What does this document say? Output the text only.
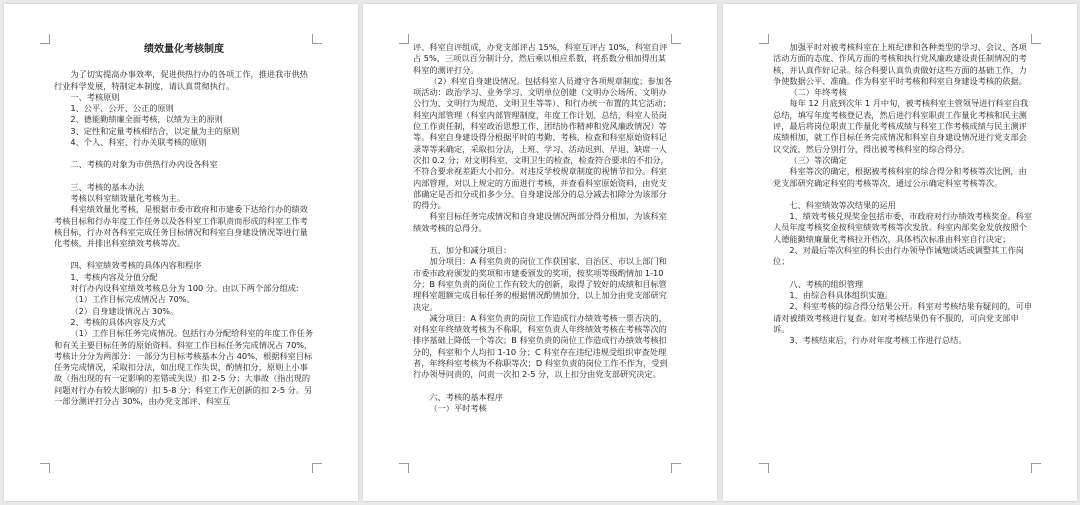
绩效量化考核制度

为了切实提高办事效率，促进供热行办的各项工作，推进我市供热行业科学发展，特制定本制度，请认真贯彻执行。

一、考核原则

1、公平、公开、公正的原则

2、德能勤绩廉全面考核，以绩为主的原则

3、定性和定量考核相结合，以定量为主的原则

4、个人、科室、行办关联考核的原则

二、考核的对象为市供热行办内设各科室

三、考核的基本办法

考核以科室绩效量化考核为主。

科室绩效量化考核，是根据市委市政府和市建委下达给行办的绩效考核目标和行办年度工作任务以及各科室工作职责而形成的科室工作考核目标，行办对各科室完成任务目标情况和科室自身建设情况等进行量化考核，并排出科室绩效考核等次。

四、科室绩效考核的具体内容和程序

1、考核内容及分值分配

对行办内设科室绩效考核总分为 100 分。由以下两个部分组成:

（1）工作目标完成情况占 70%。

（2）自身建设情况占 30%。

2、考核的具体内容及方式

（1）工作目标任务完成情况。包括行办分配给科室的年度工作任务和有关主要目标任务的原始资料。科室工作目标任务完成情况占 70%，考核计分分为两部分：一部分为目标考核基本分占 40%，根据科室目标任务完成情况，采取扣分法，如出现工作失误，酌情扣分，原则上小事故（指出现的有一定影响的差错或失误）扣 2-5 分；大事故（指出现的问题对行办有较大影响的）扣 5-8 分；科室工作无创新的扣 2-5 分。另一部分测评打分占 30%，由办党支部评、科室互

评、科室自评组成，办党支部评占 15%，科室互评占 10%，科室自评占 5%，三项以百分制计分，然后乘以相应系数，将系数分相加得出某科室的测评打分。

（2）科室自身建设情况。包括科室人员遵守各项规章制度；参加各项活动：政治学习、业务学习、文明单位创建（文明办公场所、文明办公行为、文明行为规范、文明卫生等等）、和行办统一布置的其它活动；科室内部管理（科室内部管理制度，年度工作计划、总结，科室人员岗位工作责任制，科室政治思想工作，团结协作精神和党风廉政情况）等等。科室自身建设得分根据平时的考勤、考核、检查和科室原始资料记录等等来确定，采取扣分法，上班、学习、活动迟到、早退、缺席一人次扣 0.2 分；对文明科室、文明卫生的检查，检查符合要求的不扣分，不符合要求视差距大小扣分。对违反学校规章制度的视情节扣分。科室内部管理，对以上规定的方面进行考核，并查看科室原始资料，由党支部确定是否扣分或扣多少分。自身建设部分的总分减去扣除分为该部分的得分。

科室目标任务完成情况和自身建设情况两部分得分相加，为该科室绩效考核的总得分。

五、加分和减分项目：

加分项目：A 科室负责的岗位工作获国家、自治区、市以上部门和市委市政府颁发的奖项和市建委颁发的奖项，按奖项等级酌情加 1-10 分；B 科室负责的岗位工作有较大的创新，取得了较好的成绩和目标管理科室超额完成目标任务的根据情况酌情加分，以上加分由党支部研究决定。

减分项目：A 科室负责的岗位工作造成行办绩效考核一票否决的，对科室年终绩效考核为不称职，科室负责人年终绩效考核在考核等次的排序基础上降低一个等次；B 科室负责的岗位工作造成行办绩效考核扣分的，科室和个人均扣 1-10 分；C 科室存在违纪违规受组织审查处理者，年终科室考核为不称职等次；D 科室负责的岗位工作不作为，受到行办领导问责的，问责一次扣 2-5 分，以上扣分由党支部研究决定。

六、考核的基本程序

（一）平时考核

加强平时对被考核科室在上班纪律和各种类型的学习、会议、各项活动方面的态度、作风方面的考核和执行党风廉政建设责任制情况的考核，并认真作好记录。综合科要认真负责做好这些方面的基础工作，力争使数据公平、准确。作为科室平时考核和科室自身建设考核的依据。

（二）年终考核

每年 12 月底到次年 1 月中旬，被考核科室主管领导进行科室自我总结，填写年度考核登记表，然后进行科室职责工作量化考核和民主测评，最后将岗位职责工作量化考核成绩与科室工作考核成绩与民主测评成绩相加，就工作目标任务完成情况和科室自身建设情况进行党支部会议交流，然后分别打分，得出被考核科室的综合得分。

（三）等次确定

科室等次的确定，根据被考核科室的综合得分和考核等次比例，由党支部研究确定科室的考核等次，通过公示确定科室考核等次。

七、科室绩效等次结果的运用

1、绩效考核兑现奖金包括市委、市政府对行办绩效考核奖金。科室人员年度考核奖金按科室绩效考核等次发放。科室内部奖金发放按照个人德能勤绩廉量化考核拉开档次，具体档次标准由科室自行决定；

2、对最后等次科室的科长由行办领导作诫勉谈话或调整其工作岗位；

八、考核的组织管理

1、由综合科具体组织实施。

2、科室考核的综合得分结果公开。科室对考核结果有疑问的，可申请对被绩效考核进行复查。如对考核结果仍有不服的，可向党支部申诉。

3、考核结束后，行办对年度考核工作进行总结。
